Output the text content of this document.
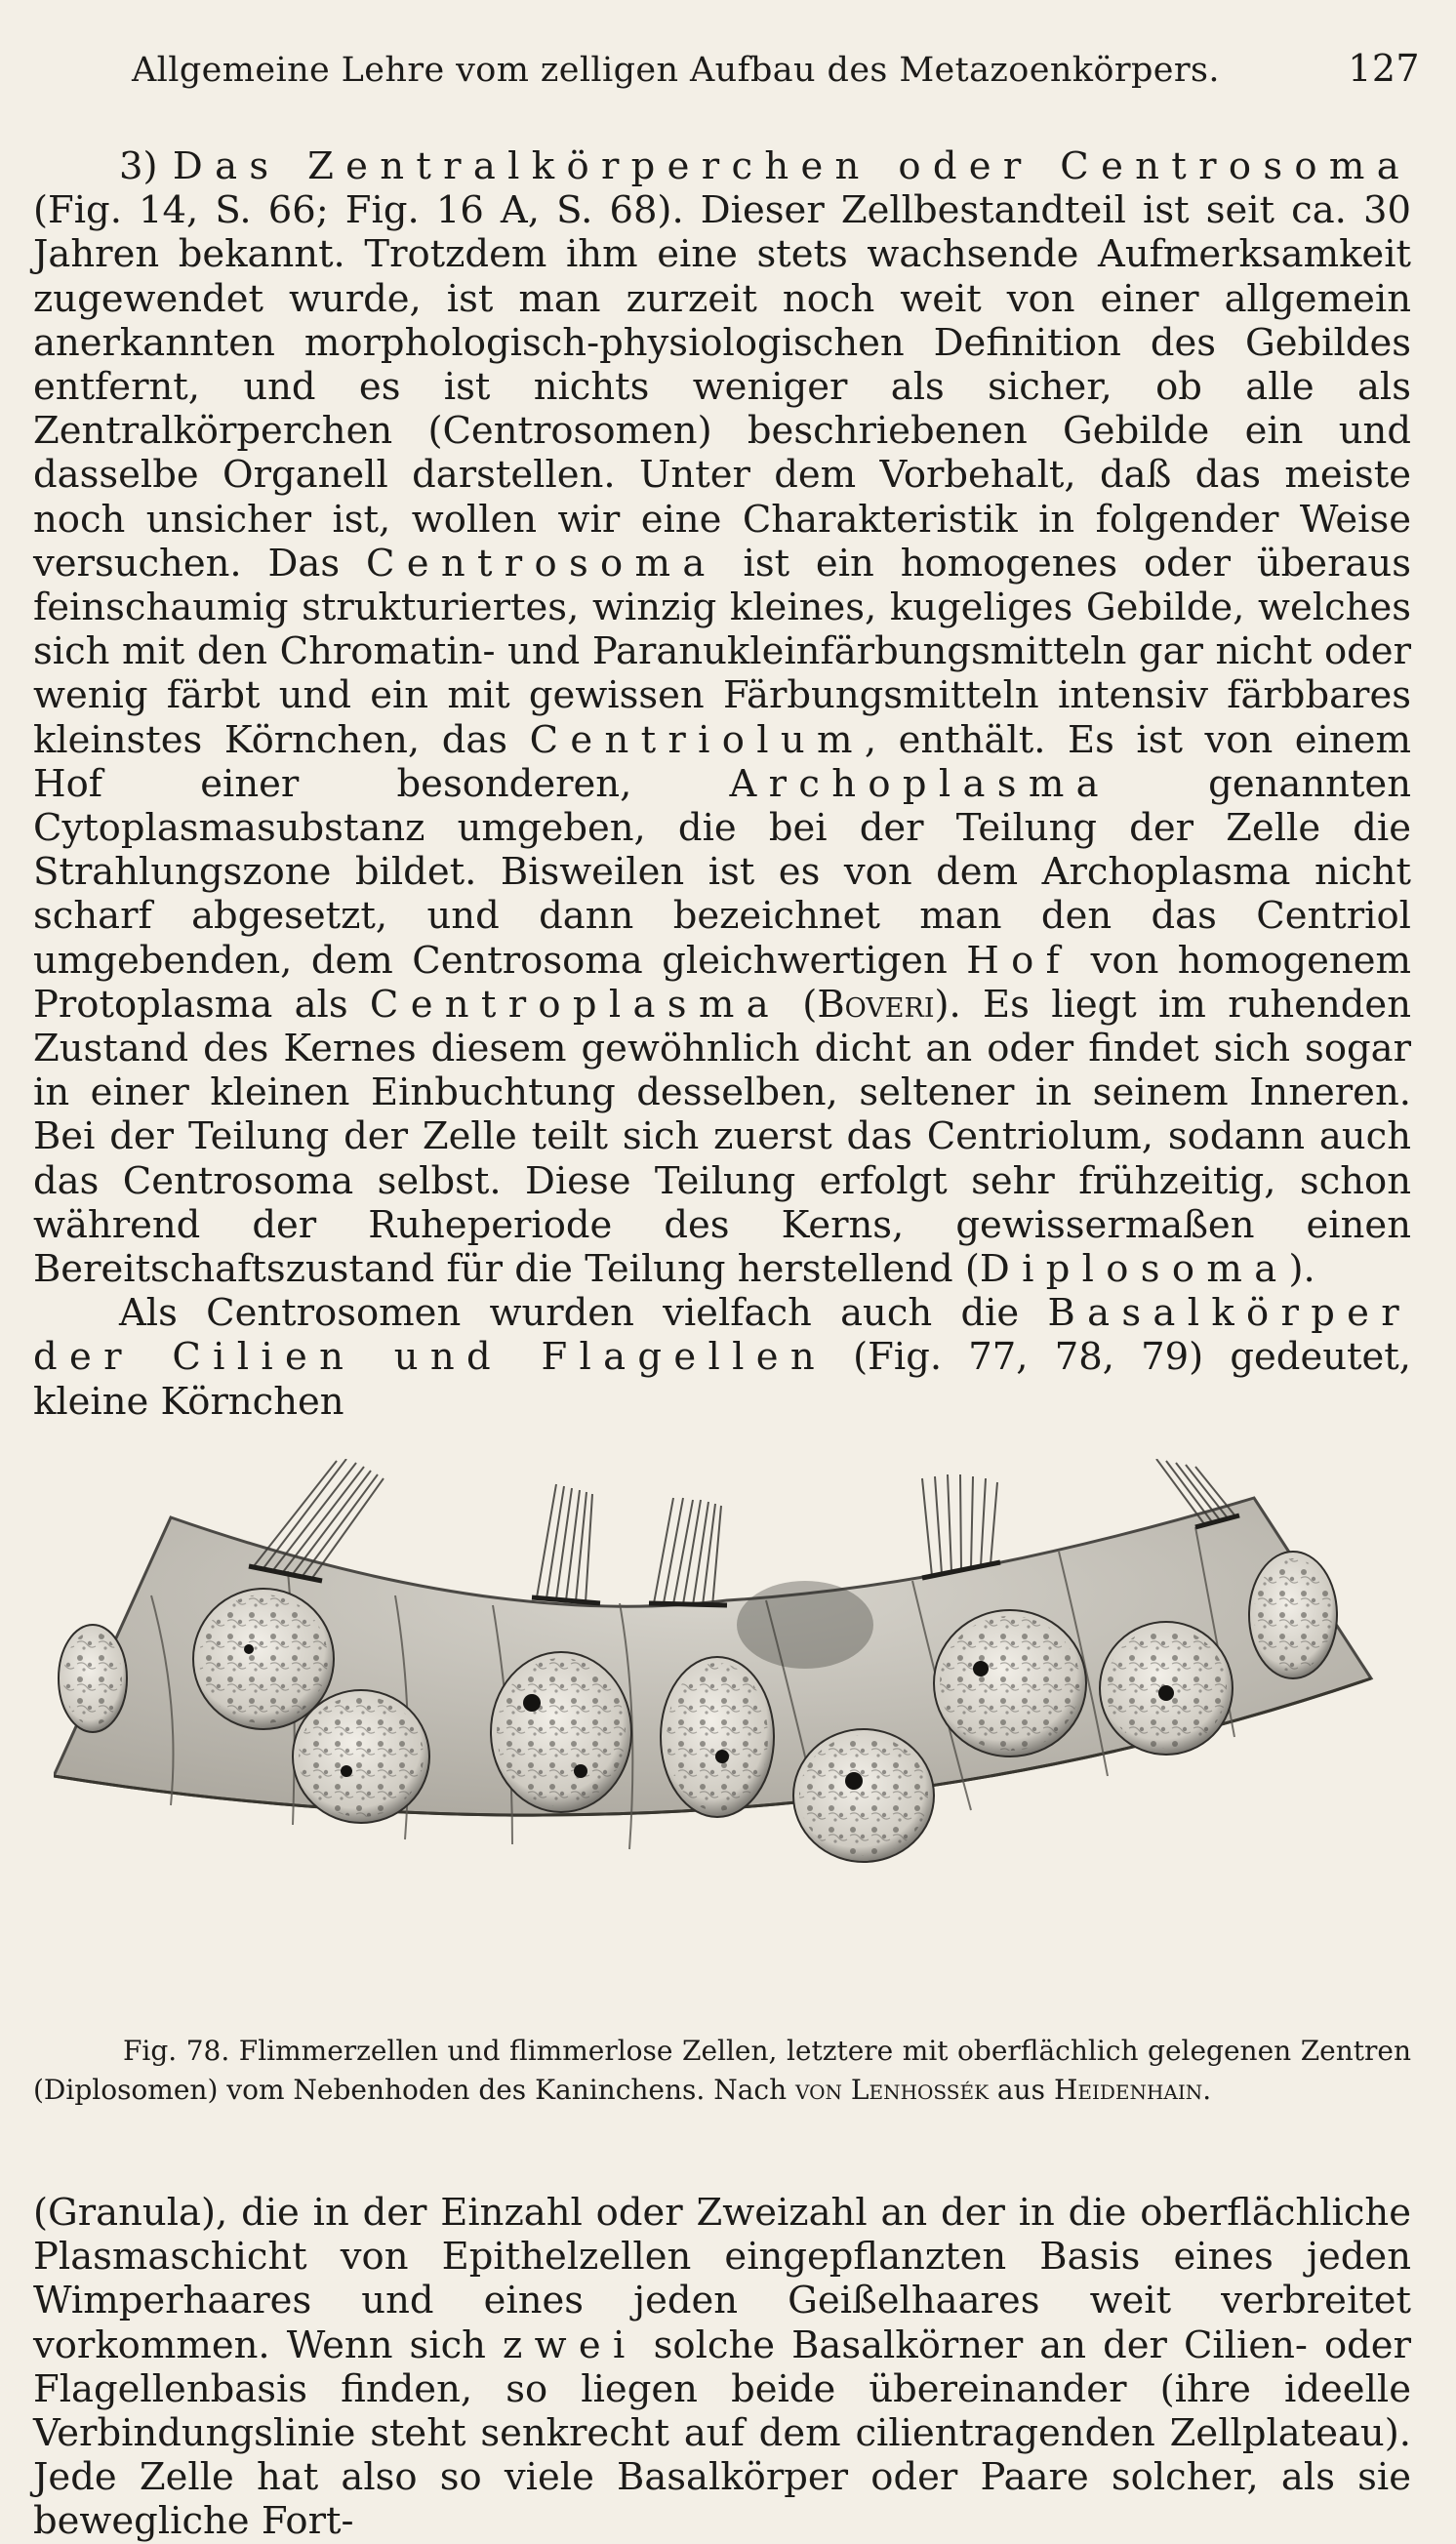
Allgemeine Lehre vom zelligen Aufbau des Metazoenkörpers.	127

3) Das Zentralkörperchen oder Centrosoma (Fig. 14, S. 66; Fig. 16 A, S. 68). Dieser Zellbestandteil ist seit ca. 30 Jahren bekannt. Trotzdem ihm eine stets wachsende Aufmerksamkeit zugewendet wurde, ist man zurzeit noch weit von einer allgemein anerkannten morphologisch-physiologischen Definition des Gebildes entfernt, und es ist nichts weniger als sicher, ob alle als Zentralkörperchen (Centrosomen) beschriebenen Gebilde ein und dasselbe Organell darstellen. Unter dem Vorbehalt, daß das meiste noch unsicher ist, wollen wir eine Charakteristik in folgender Weise versuchen. Das Centrosoma ist ein homogenes oder überaus feinschaumig strukturiertes, winzig kleines, kugeliges Gebilde, welches sich mit den Chromatin- und Paranukleinfärbungsmitteln gar nicht oder wenig färbt und ein mit gewissen Färbungsmitteln intensiv färbbares kleinstes Körnchen, das Centriolum, enthält. Es ist von einem Hof einer besonderen, Archoplasma genannten Cytoplasmasubstanz umgeben, die bei der Teilung der Zelle die Strahlungszone bildet. Bisweilen ist es von dem Archoplasma nicht scharf abgesetzt, und dann bezeichnet man den das Centriol umgebenden, dem Centrosoma gleichwertigen Hof von homogenem Protoplasma als Centroplasma (Boveri). Es liegt im ruhenden Zustand des Kernes diesem gewöhnlich dicht an oder findet sich sogar in einer kleinen Einbuchtung desselben, seltener in seinem Inneren. Bei der Teilung der Zelle teilt sich zuerst das Centriolum, sodann auch das Centrosoma selbst. Diese Teilung erfolgt sehr frühzeitig, schon während der Ruheperiode des Kerns, gewissermaßen einen Bereitschaftszustand für die Teilung herstellend (Diplosoma).

Als Centrosomen wurden vielfach auch die Basalkörper der Cilien und Flagellen (Fig. 77, 78, 79) gedeutet, kleine Körnchen

Fig. 78. Flimmerzellen und flimmerlose Zellen, letztere mit oberflächlich gelegenen Zentren (Diplosomen) vom Nebenhoden des Kaninchens. Nach von Lenhossék aus Heidenhain.

(Granula), die in der Einzahl oder Zweizahl an der in die oberflächliche Plasmaschicht von Epithelzellen eingepflanzten Basis eines jeden Wimperhaares und eines jeden Geißelhaares weit verbreitet vorkommen. Wenn sich zwei solche Basalkörner an der Cilien- oder Flagellenbasis finden, so liegen beide übereinander (ihre ideelle Verbindungslinie steht senkrecht auf dem cilientragenden Zellplateau). Jede Zelle hat also so viele Basalkörper oder Paare solcher, als sie bewegliche Fort-
